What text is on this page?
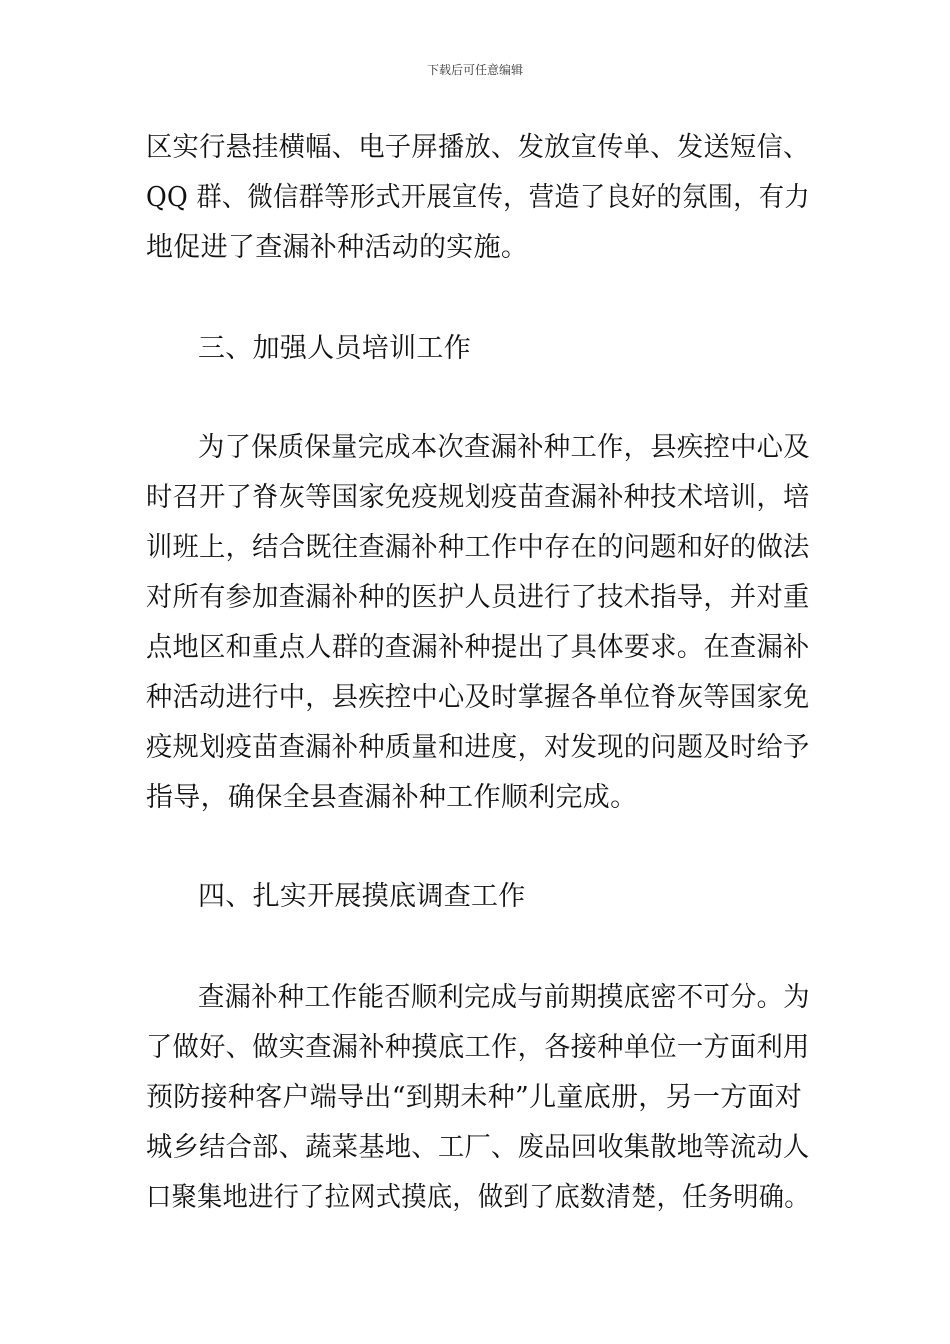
下载后可任意编辑
区实行悬挂横幅、电子屏播放、发放宣传单、发送短信、
QQ 群、微信群等形式开展宣传，营造了良好的氛围，有力
地促进了查漏补种活动的实施。
三、加强人员培训工作
为了保质保量完成本次查漏补种工作，县疾控中心及
时召开了脊灰等国家免疫规划疫苗查漏补种技术培训，培
训班上，结合既往查漏补种工作中存在的问题和好的做法
对所有参加查漏补种的医护人员进行了技术指导，并对重
点地区和重点人群的查漏补种提出了具体要求。在查漏补
种活动进行中，县疾控中心及时掌握各单位脊灰等国家免
疫规划疫苗查漏补种质量和进度，对发现的问题及时给予
指导，确保全县查漏补种工作顺利完成。
四、扎实开展摸底调查工作
查漏补种工作能否顺利完成与前期摸底密不可分。为
了做好、做实查漏补种摸底工作，各接种单位一方面利用
预防接种客户端导出“到期未种”儿童底册，另一方面对
城乡结合部、蔬菜基地、工厂、废品回收集散地等流动人
口聚集地进行了拉网式摸底，做到了底数清楚，任务明确。
